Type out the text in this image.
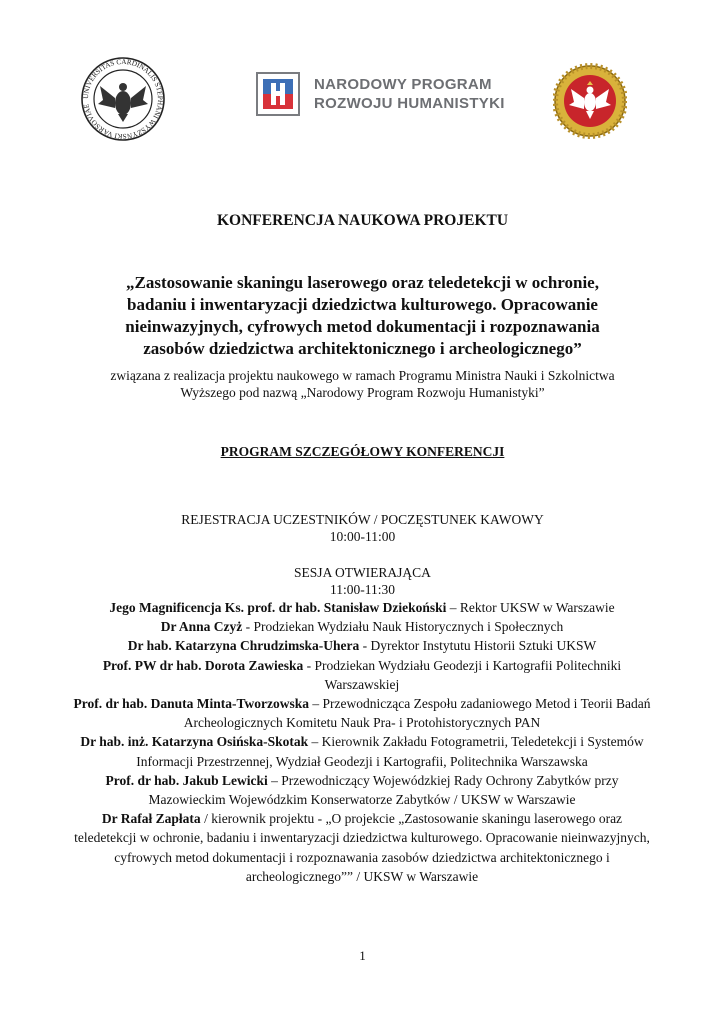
UNIVERSITAS CARDINALIS STEPHANI WYSZYŃSKI VARSOVIAE
NARODOWY PROGRAM
ROZWOJU HUMANISTYKI
KONFERENCJA NAUKOWA PROJEKTU
„Zastosowanie skaningu laserowego oraz teledetekcji w ochronie,
badaniu i inwentaryzacji dziedzictwa kulturowego. Opracowanie
nieinwazyjnych, cyfrowych metod dokumentacji i rozpoznawania
zasobów dziedzictwa architektonicznego i archeologicznego”
związana z realizacja projektu naukowego w ramach Programu Ministra Nauki i Szkolnictwa
Wyższego pod nazwą „Narodowy Program Rozwoju Humanistyki”
PROGRAM SZCZEGÓŁOWY KONFERENCJI
REJESTRACJA UCZESTNIKÓW / POCZĘSTUNEK KAWOWY
10:00-11:00
SESJA OTWIERAJĄCA
11:00-11:30
Jego Magnificencja Ks. prof. dr hab. Stanisław Dziekoński – Rektor UKSW w Warszawie
Dr Anna Czyż - Prodziekan Wydziału Nauk Historycznych i Społecznych
Dr hab. Katarzyna Chrudzimska-Uhera - Dyrektor Instytutu Historii Sztuki UKSW
Prof. PW dr hab. Dorota Zawieska - Prodziekan Wydziału Geodezji i Kartografii Politechniki Warszawskiej
Prof. dr hab. Danuta Minta-Tworzowska – Przewodnicząca Zespołu zadaniowego Metod i Teorii Badań Archeologicznych Komitetu Nauk Pra- i Protohistorycznych PAN
Dr hab. inż. Katarzyna Osińska-Skotak – Kierownik Zakładu Fotogrametrii, Teledetekcji i Systemów Informacji Przestrzennej, Wydział Geodezji i Kartografii, Politechnika Warszawska
Prof. dr hab. Jakub Lewicki – Przewodniczący Wojewódzkiej Rady Ochrony Zabytków przy Mazowieckim Wojewódzkim Konserwatorze Zabytków / UKSW w Warszawie
Dr Rafał Zapłata / kierownik projektu - „O projekcie „Zastosowanie skaningu laserowego oraz teledetekcji w ochronie, badaniu i inwentaryzacji dziedzictwa kulturowego. Opracowanie nieinwazyjnych, cyfrowych metod dokumentacji i rozpoznawania zasobów dziedzictwa architektonicznego i archeologicznego”” / UKSW w Warszawie
1
